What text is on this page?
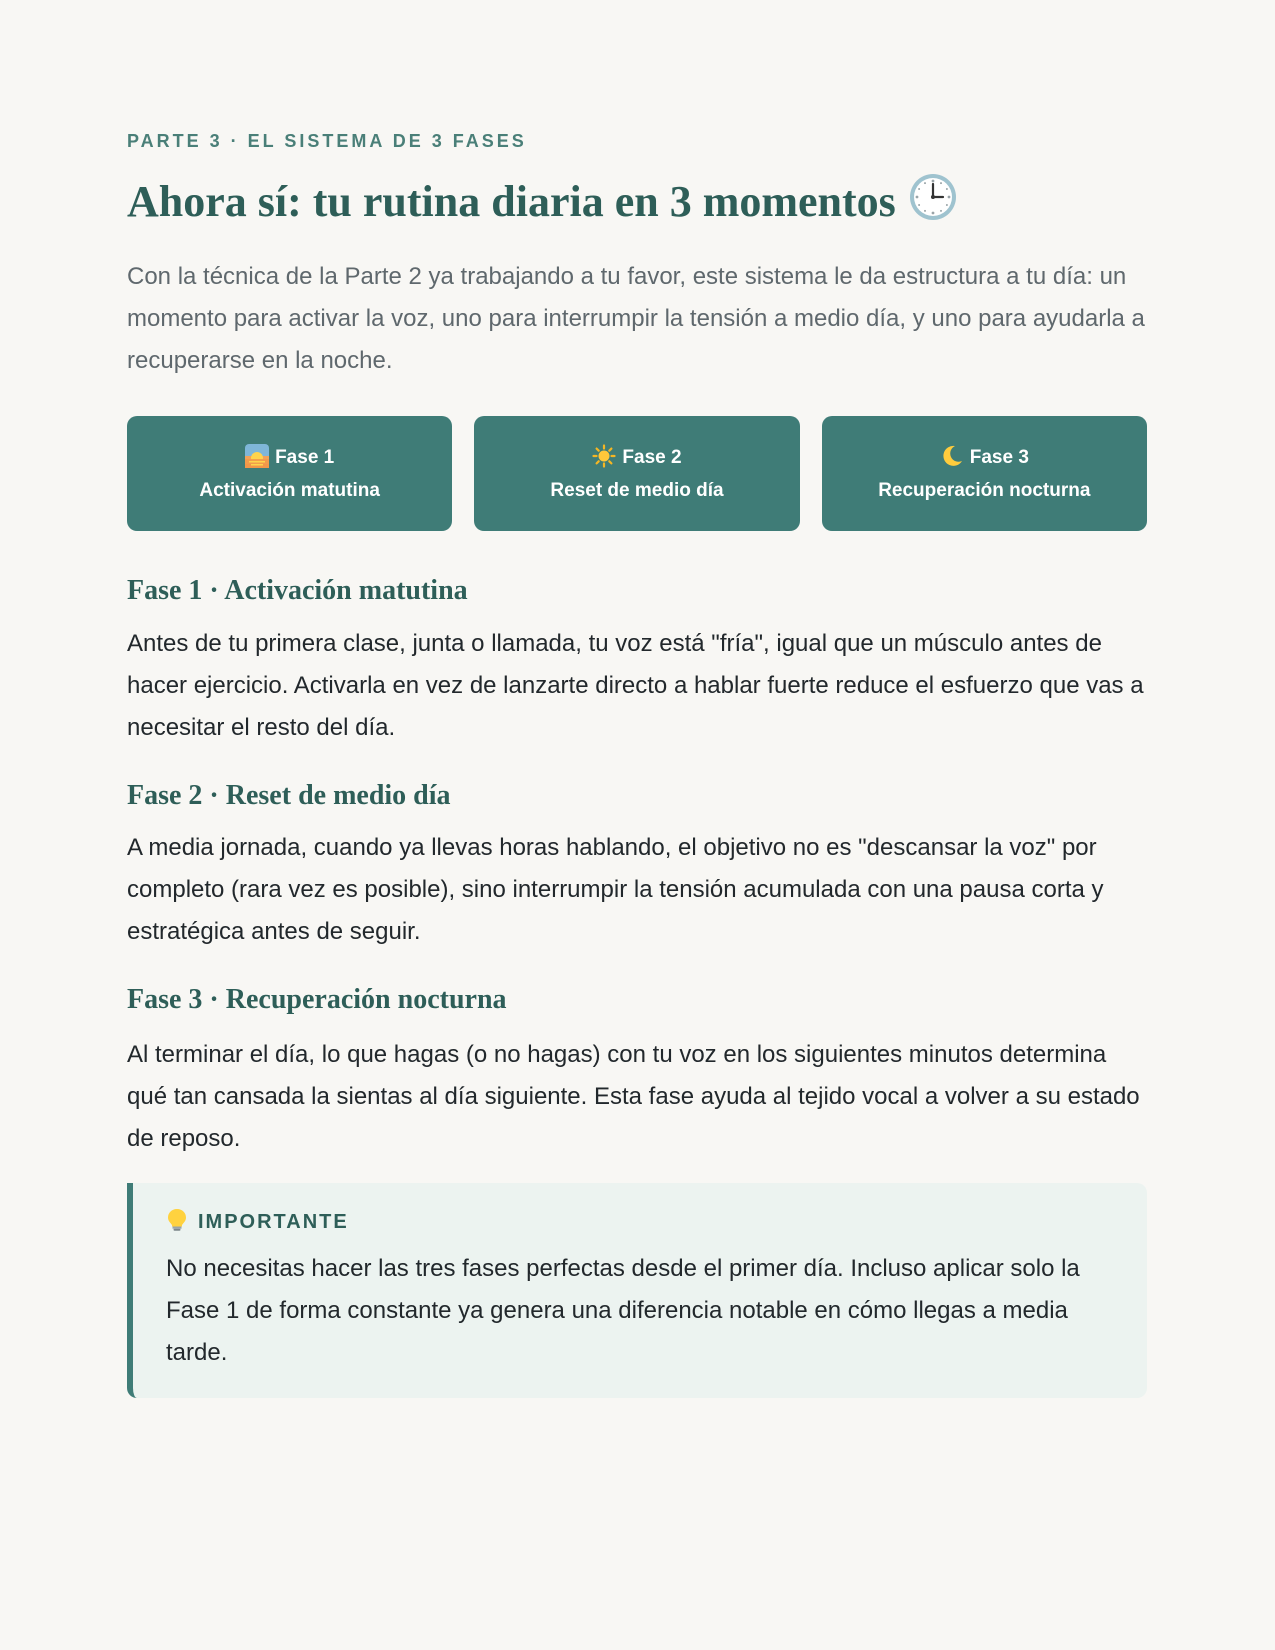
PARTE 3 · EL SISTEMA DE 3 FASES
Ahora sí: tu rutina diaria en 3 momentos

Con la técnica de la Parte 2 ya trabajando a tu favor, este sistema le da estructura a tu día: un momento para activar la voz, uno para interrumpir la tensión a medio día, y uno para ayudarla a recuperarse en la noche.

Fase 1
Activación matutina
Fase 2
Reset de medio día
Fase 3
Recuperación nocturna
Fase 1 · Activación matutina

Antes de tu primera clase, junta o llamada, tu voz está "fría", igual que un músculo antes de hacer ejercicio. Activarla en vez de lanzarte directo a hablar fuerte reduce el esfuerzo que vas a necesitar el resto del día.

Fase 2 · Reset de medio día

A media jornada, cuando ya llevas horas hablando, el objetivo no es "descansar la voz" por completo (rara vez es posible), sino interrumpir la tensión acumulada con una pausa corta y estratégica antes de seguir.

Fase 3 · Recuperación nocturna

Al terminar el día, lo que hagas (o no hagas) con tu voz en los siguientes minutos determina qué tan cansada la sientas al día siguiente. Esta fase ayuda al tejido vocal a volver a su estado de reposo.

IMPORTANTE

No necesitas hacer las tres fases perfectas desde el primer día. Incluso aplicar solo la Fase 1 de forma constante ya genera una diferencia notable en cómo llegas a media tarde.
